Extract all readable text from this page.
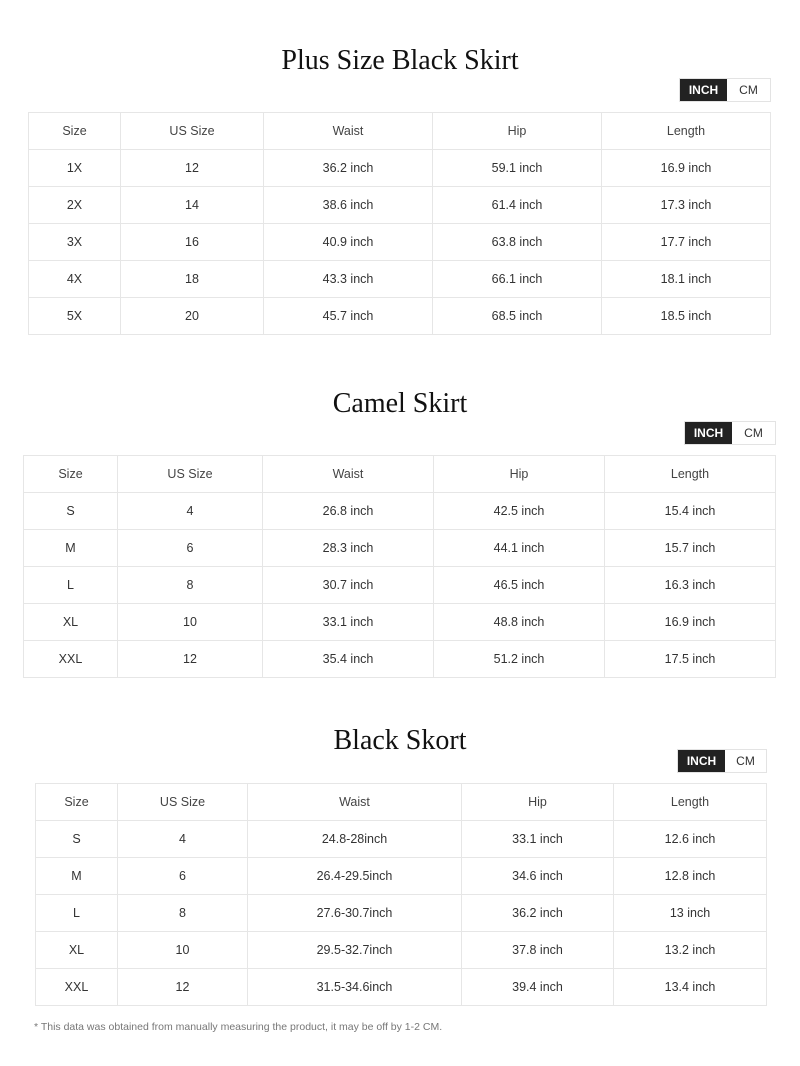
Plus Size Black Skirt
INCH	CM
Size	US Size	Waist	Hip	Length
1X	12	36.2 inch	59.1 inch	16.9 inch
2X	14	38.6 inch	61.4 inch	17.3 inch
3X	16	40.9 inch	63.8 inch	17.7 inch
4X	18	43.3 inch	66.1 inch	18.1 inch
5X	20	45.7 inch	68.5 inch	18.5 inch
Camel Skirt
INCH	CM
Size	US Size	Waist	Hip	Length
S	4	26.8 inch	42.5 inch	15.4 inch
M	6	28.3 inch	44.1 inch	15.7 inch
L	8	30.7 inch	46.5 inch	16.3 inch
XL	10	33.1 inch	48.8 inch	16.9 inch
XXL	12	35.4 inch	51.2 inch	17.5 inch
Black Skort
INCH	CM
Size	US Size	Waist	Hip	Length
S	4	24.8-28inch	33.1 inch	12.6 inch
M	6	26.4-29.5inch	34.6 inch	12.8 inch
L	8	27.6-30.7inch	36.2 inch	13 inch
XL	10	29.5-32.7inch	37.8 inch	13.2 inch
XXL	12	31.5-34.6inch	39.4 inch	13.4 inch
* This data was obtained from manually measuring the product, it may be off by 1-2 CM.
